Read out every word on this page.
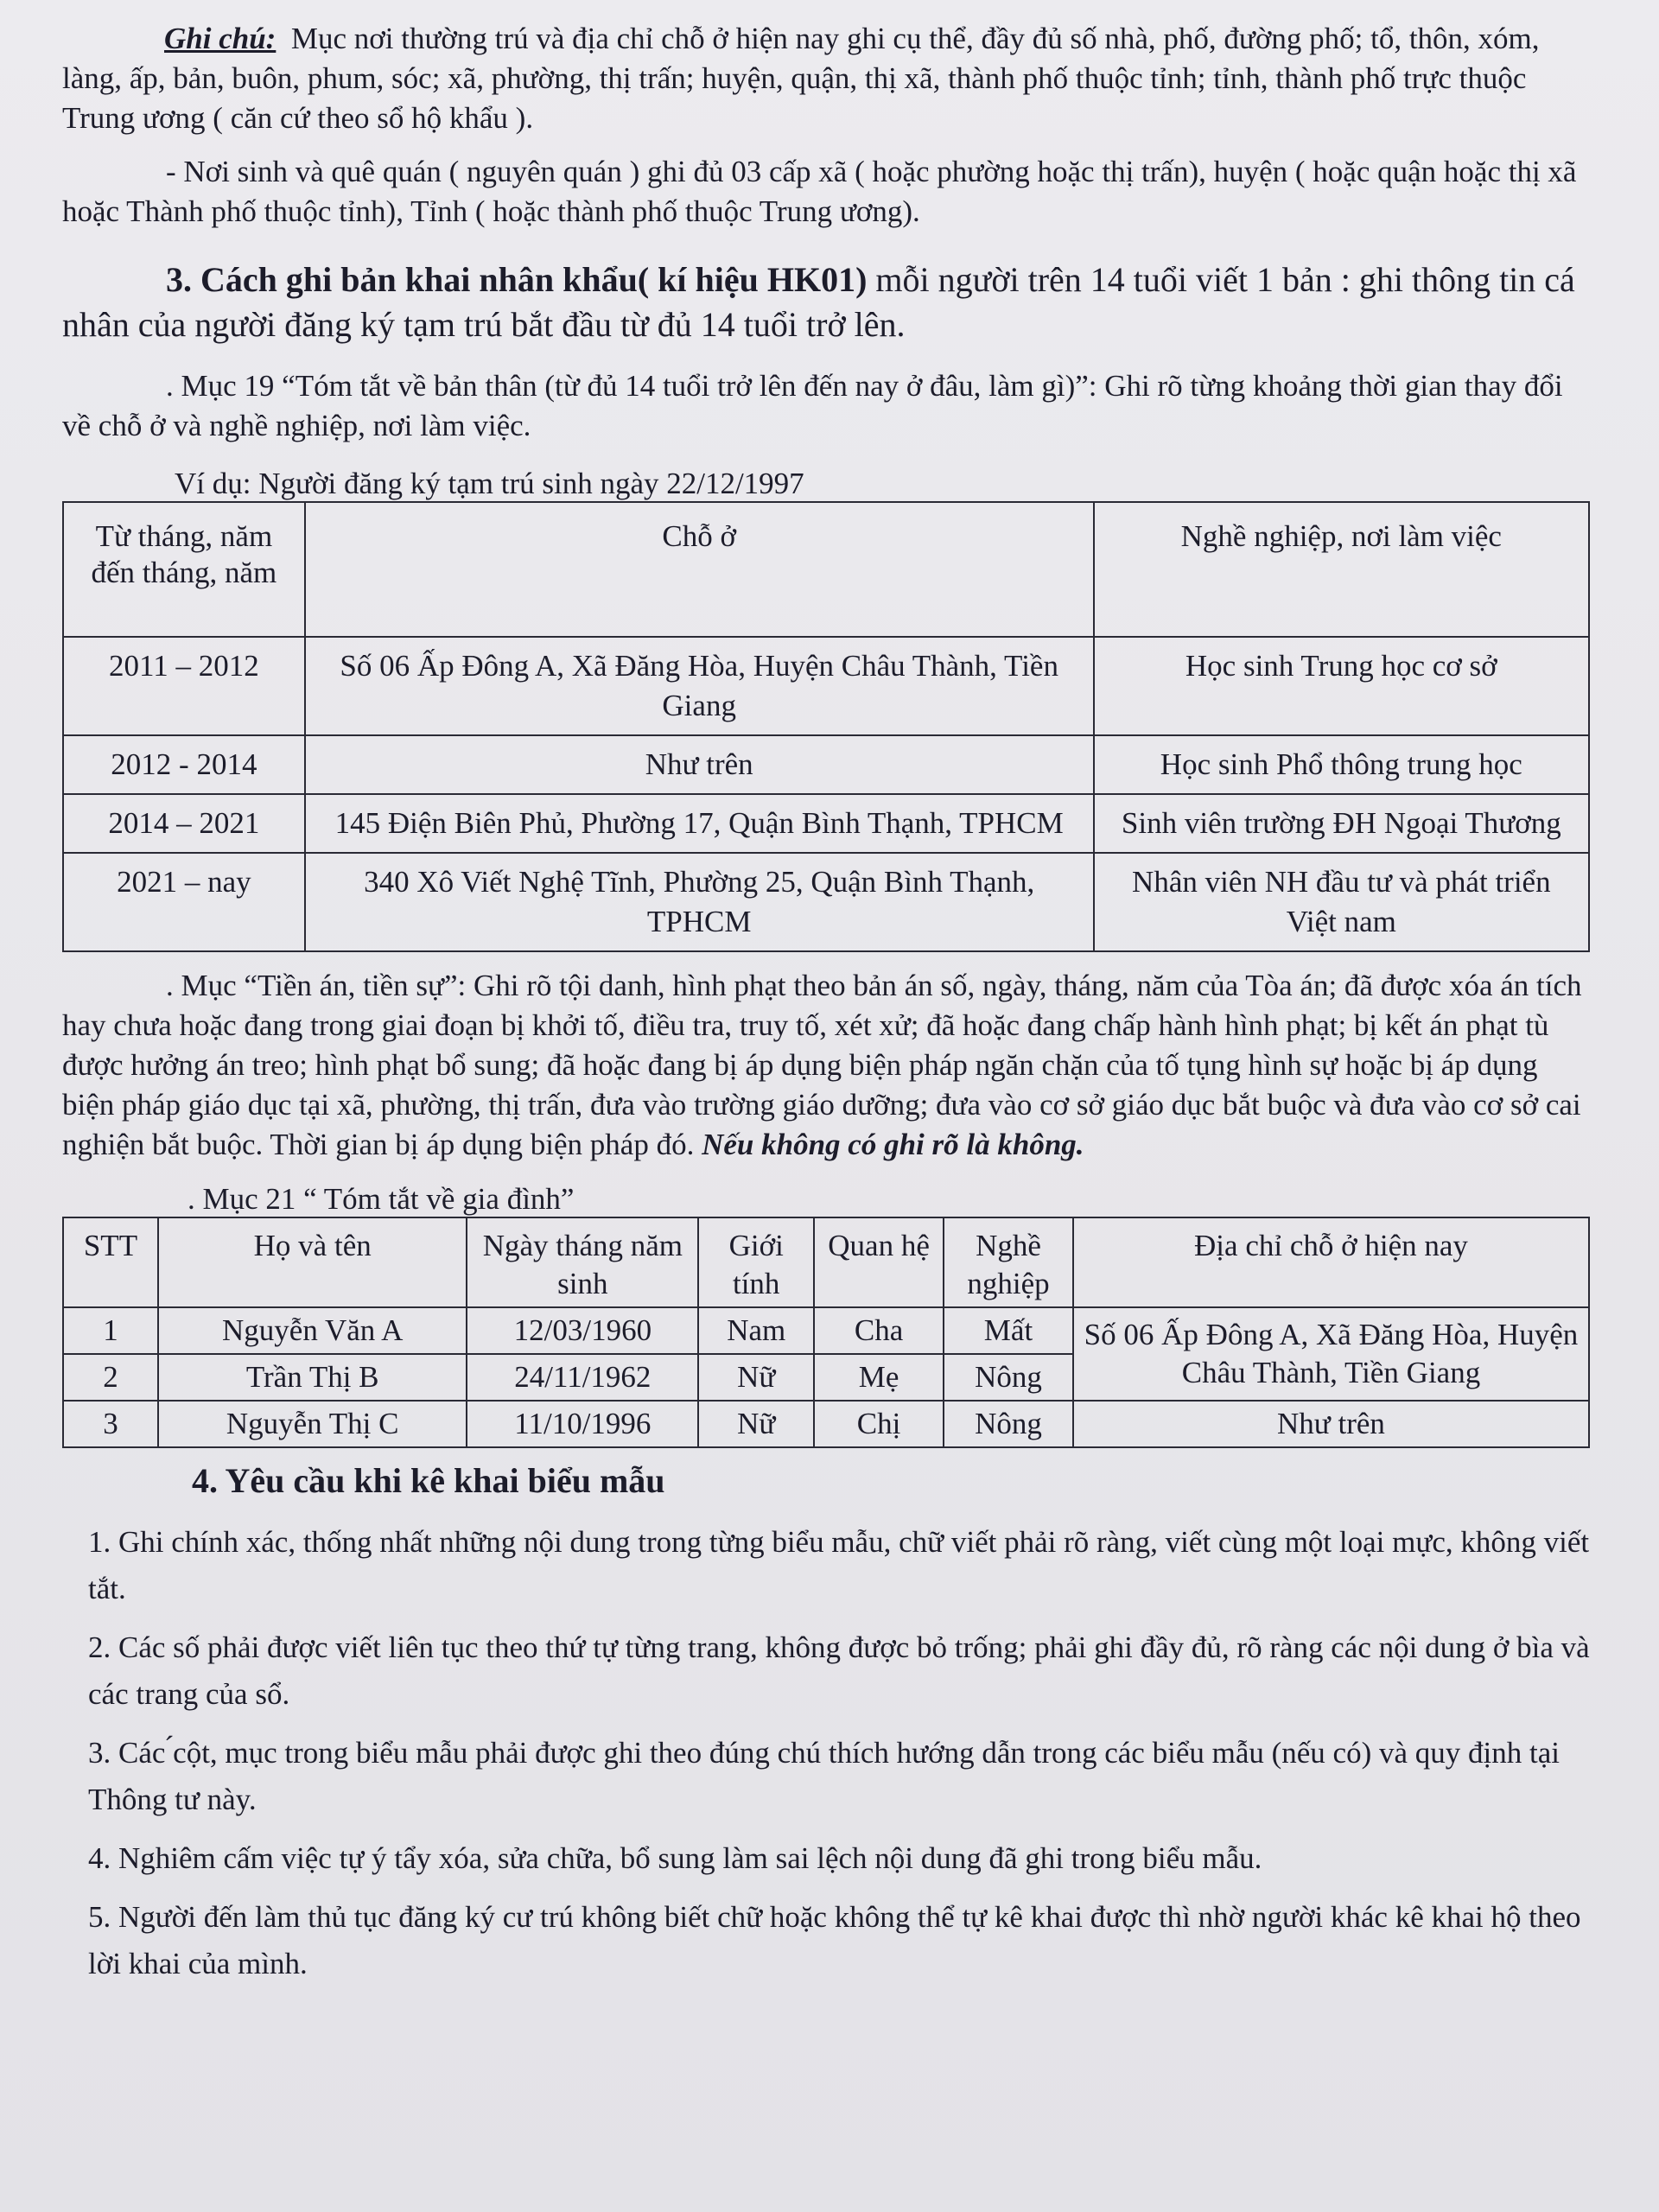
Ghi chú: Mục nơi thường trú và địa chỉ chỗ ở hiện nay ghi cụ thể, đầy đủ số nhà, phố, đường phố; tổ, thôn, xóm, làng, ấp, bản, buôn, phum, sóc; xã, phường, thị trấn; huyện, quận, thị xã, thành phố thuộc tỉnh; tỉnh, thành phố trực thuộc Trung ương ( căn cứ theo sổ hộ khẩu ).

- Nơi sinh và quê quán ( nguyên quán ) ghi đủ 03 cấp xã ( hoặc phường hoặc thị trấn), huyện ( hoặc quận hoặc thị xã hoặc Thành phố thuộc tỉnh), Tỉnh ( hoặc thành phố thuộc Trung ương).

3. Cách ghi bản khai nhân khẩu( kí hiệu HK01) mỗi người trên 14 tuổi viết 1 bản : ghi thông tin cá nhân của người đăng ký tạm trú bắt đầu từ đủ 14 tuổi trở lên.

. Mục 19 “Tóm tắt về bản thân (từ đủ 14 tuổi trở lên đến nay ở đâu, làm gì)”: Ghi rõ từng khoảng thời gian thay đổi về chỗ ở và nghề nghiệp, nơi làm việc.

Ví dụ: Người đăng ký tạm trú sinh ngày 22/12/1997

Từ tháng, năm đến tháng, năm	Chỗ ở	Nghề nghiệp, nơi làm việc
2011 – 2012	Số 06 Ấp Đông A, Xã Đăng Hòa, Huyện Châu Thành, Tiền Giang	Học sinh Trung học cơ sở
2012 - 2014	Như trên	Học sinh Phổ thông trung học
2014 – 2021	145 Điện Biên Phủ, Phường 17, Quận Bình Thạnh, TPHCM	Sinh viên trường ĐH Ngoại Thương
2021 – nay	340 Xô Viết Nghệ Tĩnh, Phường 25, Quận Bình Thạnh, TPHCM	Nhân viên NH đầu tư và phát triển Việt nam

. Mục “Tiền án, tiền sự”: Ghi rõ tội danh, hình phạt theo bản án số, ngày, tháng, năm của Tòa án; đã được xóa án tích hay chưa hoặc đang trong giai đoạn bị khởi tố, điều tra, truy tố, xét xử; đã hoặc đang chấp hành hình phạt; bị kết án phạt tù được hưởng án treo; hình phạt bổ sung; đã hoặc đang bị áp dụng biện pháp ngăn chặn của tố tụng hình sự hoặc bị áp dụng biện pháp giáo dục tại xã, phường, thị trấn, đưa vào trường giáo dưỡng; đưa vào cơ sở giáo dục bắt buộc và đưa vào cơ sở cai nghiện bắt buộc. Thời gian bị áp dụng biện pháp đó. Nếu không có ghi rõ là không.

. Mục 21 “ Tóm tắt về gia đình”

STT	Họ và tên	Ngày tháng năm sinh	Giới tính	Quan hệ	Nghề nghiệp	Địa chỉ chỗ ở hiện nay
1	Nguyễn Văn A	12/03/1960	Nam	Cha	Mất	Số 06 Ấp Đông A, Xã Đăng Hòa, Huyện Châu Thành, Tiền Giang
2	Trần Thị B	24/11/1962	Nữ	Mẹ	Nông	
3	Nguyễn Thị C	11/10/1996	Nữ	Chị	Nông	Như trên

4. Yêu cầu khi kê khai biểu mẫu

1. Ghi chính xác, thống nhất những nội dung trong từng biểu mẫu, chữ viết phải rõ ràng, viết cùng một loại mực, không viết tắt.

2. Các số phải được viết liên tục theo thứ tự từng trang, không được bỏ trống; phải ghi đầy đủ, rõ ràng các nội dung ở bìa và các trang của sổ.

3. Các ́cột, mục trong biểu mẫu phải được ghi theo đúng chú thích hướng dẫn trong các biểu mẫu (nếu có) và quy định tại Thông tư này.

4. Nghiêm cấm việc tự ý tẩy xóa, sửa chữa, bổ sung làm sai lệch nội dung đã ghi trong biểu mẫu.

5. Người đến làm thủ tục đăng ký cư trú không biết chữ hoặc không thể tự kê khai được thì nhờ người khác kê khai hộ theo lời khai của mình.
